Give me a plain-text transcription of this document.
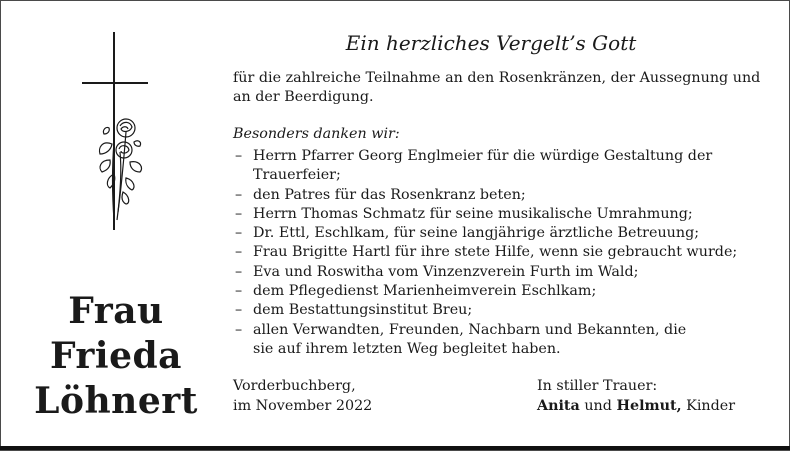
Frau
Frieda
Löhnert
Ein herzliches Vergelt’s Gott
für die zahlreiche Teilnahme an den Rosenkränzen, der Aussegnung und an der Beerdigung.
Besonders danken wir:
– Herrn Pfarrer Georg Englmeier für die würdige Gestaltung der Trauerfeier;
– den Patres für das Rosenkranz beten;
– Herrn Thomas Schmatz für seine musikalische Umrahmung;
– Dr. Ettl, Eschlkam, für seine langjährige ärztliche Betreuung;
– Frau Brigitte Hartl für ihre stete Hilfe, wenn sie gebraucht wurde;
– Eva und Roswitha vom Vinzenzverein Furth im Wald;
– dem Pflegedienst Marienheimverein Eschlkam;
– dem Bestattungsinstitut Breu;
– allen Verwandten, Freunden, Nachbarn und Bekannten, die sie auf ihrem letzten Weg begleitet haben.
Vorderbuchberg,
im November 2022
In stiller Trauer:
Anita und Helmut, Kinder
